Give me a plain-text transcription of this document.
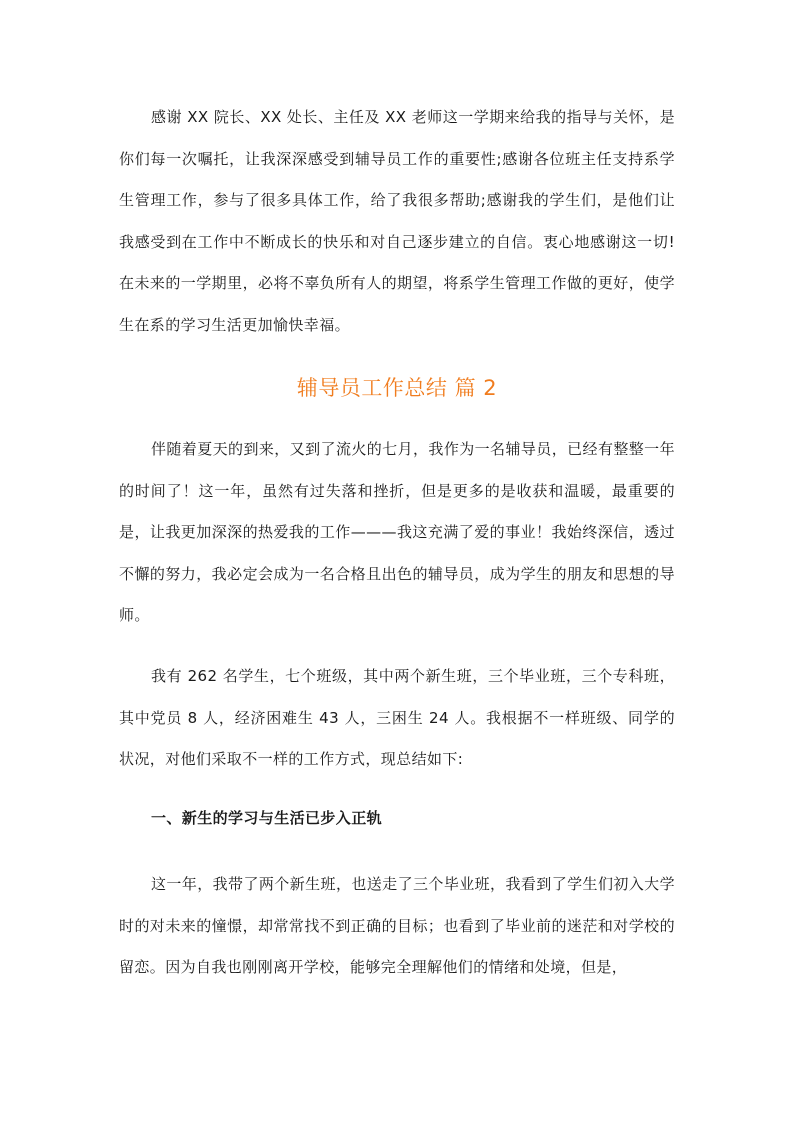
感谢 XX 院长、XX 处长、主任及 XX 老师这一学期来给我的指导与关怀，是你们每一次嘱托，让我深深感受到辅导员工作的重要性;感谢各位班主任支持系学生管理工作，参与了很多具体工作，给了我很多帮助;感谢我的学生们，是他们让我感受到在工作中不断成长的快乐和对自己逐步建立的自信。衷心地感谢这一切!在未来的一学期里，必将不辜负所有人的期望，将系学生管理工作做的更好，使学生在系的学习生活更加愉快幸福。

辅导员工作总结 篇 2

伴随着夏天的到来，又到了流火的七月，我作为一名辅导员，已经有整整一年的时间了！这一年，虽然有过失落和挫折，但是更多的是收获和温暖，最重要的是，让我更加深深的热爱我的工作———我这充满了爱的事业！我始终深信，透过不懈的努力，我必定会成为一名合格且出色的辅导员，成为学生的朋友和思想的导师。

我有 262 名学生，七个班级，其中两个新生班，三个毕业班，三个专科班，其中党员 8 人，经济困难生 43 人，三困生 24 人。我根据不一样班级、同学的状况，对他们采取不一样的工作方式，现总结如下:

一、新生的学习与生活已步入正轨

这一年，我带了两个新生班，也送走了三个毕业班，我看到了学生们初入大学时的对未来的憧憬，却常常找不到正确的目标；也看到了毕业前的迷茫和对学校的留恋。因为自我也刚刚离开学校，能够完全理解他们的情绪和处境，但是，
